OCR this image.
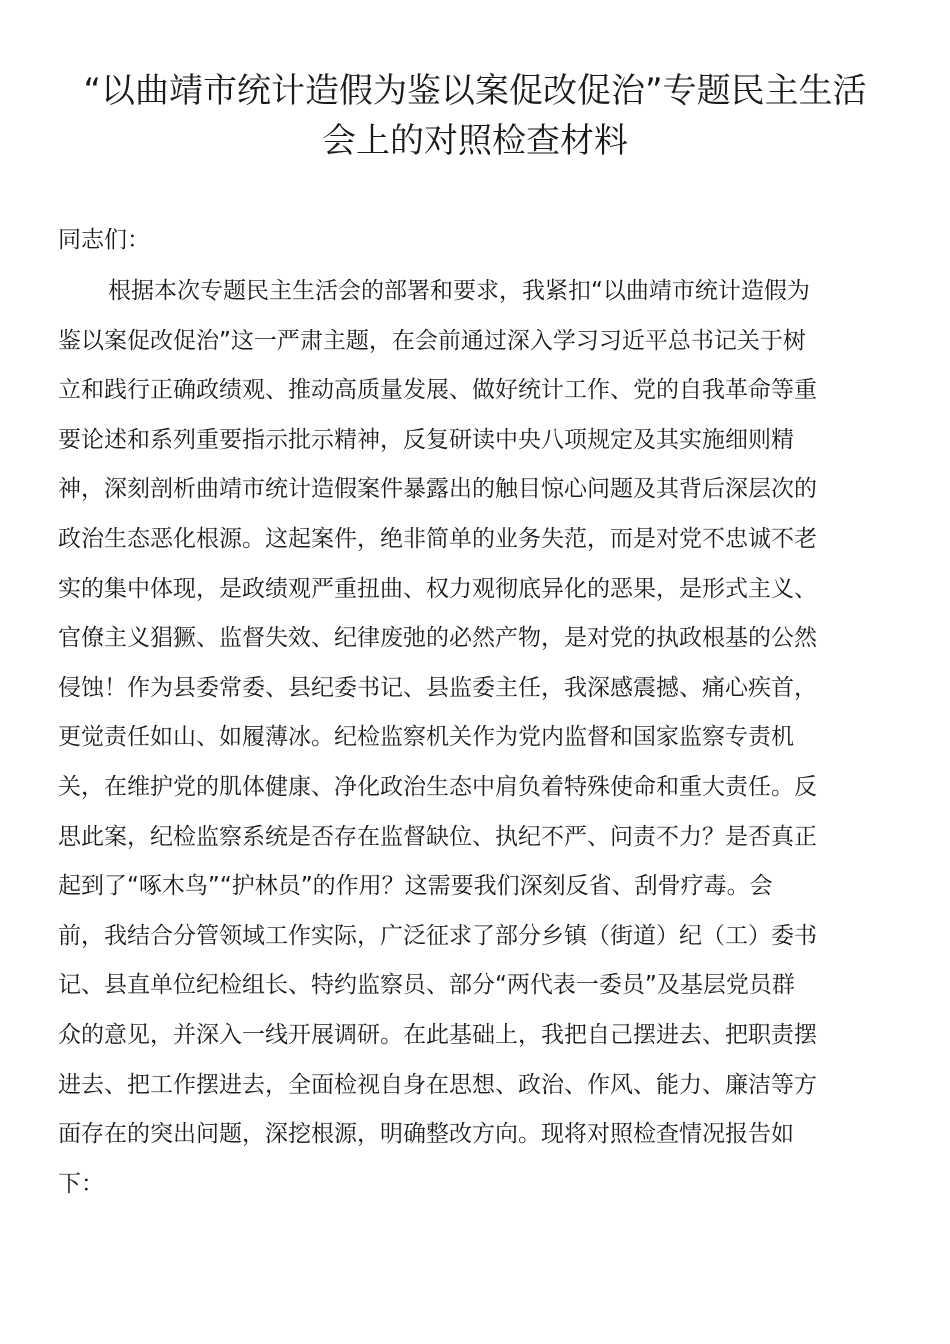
“以曲靖市统计造假为鉴以案促改促治”专题民主生活
会上的对照检查材料

同志们：

根据本次专题民主生活会的部署和要求，我紧扣“以曲靖市统计造假为
鉴以案促改促治”这一严肃主题，在会前通过深入学习习近平总书记关于树
立和践行正确政绩观、推动高质量发展、做好统计工作、党的自我革命等重
要论述和系列重要指示批示精神，反复研读中央八项规定及其实施细则精
神，深刻剖析曲靖市统计造假案件暴露出的触目惊心问题及其背后深层次的
政治生态恶化根源。这起案件，绝非简单的业务失范，而是对党不忠诚不老
实的集中体现，是政绩观严重扭曲、权力观彻底异化的恶果，是形式主义、
官僚主义猖獗、监督失效、纪律废弛的必然产物，是对党的执政根基的公然
侵蚀！作为县委常委、县纪委书记、县监委主任，我深感震撼、痛心疾首，
更觉责任如山、如履薄冰。纪检监察机关作为党内监督和国家监察专责机
关，在维护党的肌体健康、净化政治生态中肩负着特殊使命和重大责任。反
思此案，纪检监察系统是否存在监督缺位、执纪不严、问责不力？是否真正
起到了“啄木鸟”“护林员”的作用？这需要我们深刻反省、刮骨疗毒。会
前，我结合分管领域工作实际，广泛征求了部分乡镇（街道）纪（工）委书
记、县直单位纪检组长、特约监察员、部分“两代表一委员”及基层党员群
众的意见，并深入一线开展调研。在此基础上，我把自己摆进去、把职责摆
进去、把工作摆进去，全面检视自身在思想、政治、作风、能力、廉洁等方
面存在的突出问题，深挖根源，明确整改方向。现将对照检查情况报告如
下：
